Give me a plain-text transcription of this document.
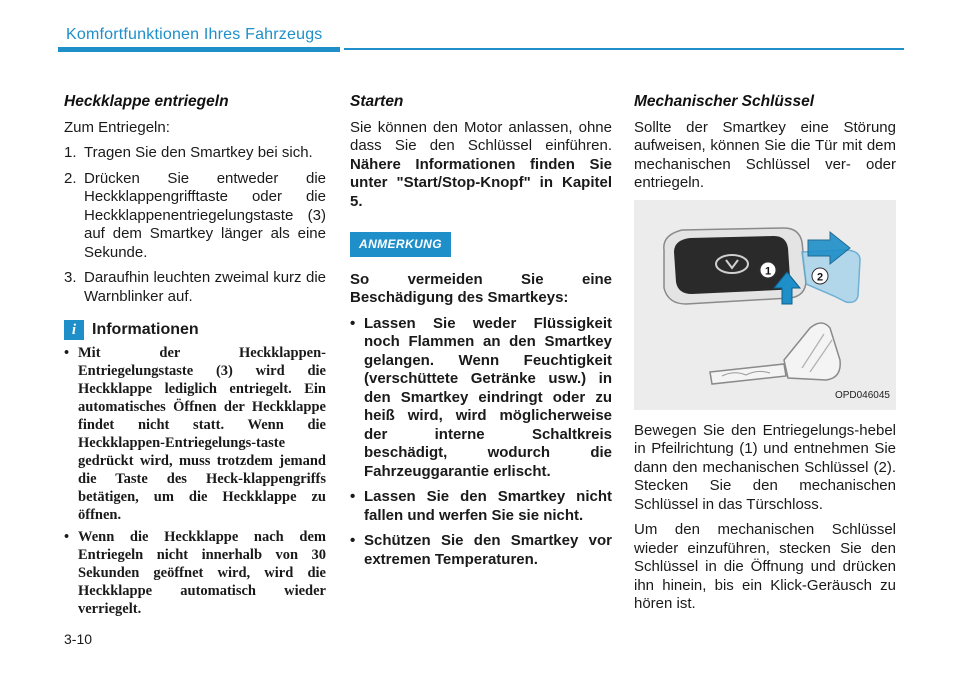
Komfortfunktionen Ihres Fahrzeugs
Heckklappe entriegeln

Zum Entriegeln:

1. Tragen Sie den Smartkey bei sich.
2. Drücken Sie entweder die Heckklappengrifftaste oder die Heckklappenentriegelungstaste (3) auf dem Smartkey länger als eine Sekunde.
3. Daraufhin leuchten zweimal kurz die Warnblinker auf.
i Informationen
• Mit der Heckklappen-Entriegelungstaste (3) wird die Heckklappe lediglich entriegelt. Ein automatisches Öffnen der Heckklappe findet nicht statt. Wenn die Heckklappen-Entriegelungs-taste gedrückt wird, muss trotzdem jemand die Taste des Heck-klappengriffs betätigen, um die Heckklappe zu öffnen.
• Wenn die Heckklappe nach dem Entriegeln nicht innerhalb von 30 Sekunden geöffnet wird, wird die Heckklappe automatisch wieder verriegelt.
Starten

Sie können den Motor anlassen, ohne dass Sie den Schlüssel einführen. Nähere Informationen finden Sie unter "Start/Stop-Knopf" in Kapitel 5.

ANMERKUNG

So vermeiden Sie eine Beschädigung des Smartkeys:

• Lassen Sie weder Flüssigkeit noch Flammen an den Smartkey gelangen. Wenn Feuchtigkeit (verschüttete Getränke usw.) in den Smartkey eindringt oder zu heiß wird, wird möglicherweise der interne Schaltkreis beschädigt, wodurch die Fahrzeuggarantie erlischt.
• Lassen Sie den Smartkey nicht fallen und werfen Sie sie nicht.
• Schützen Sie den Smartkey vor extremen Temperaturen.
Mechanischer Schlüssel

Sollte der Smartkey eine Störung aufweisen, können Sie die Tür mit dem mechanischen Schlüssel ver- oder entriegeln.

1	2
OPD046045

Bewegen Sie den Entriegelungs-hebel in Pfeilrichtung (1) und entnehmen Sie dann den mechanischen Schlüssel (2). Stecken Sie den mechanischen Schlüssel in das Türschloss.

Um den mechanischen Schlüssel wieder einzuführen, stecken Sie den Schlüssel in die Öffnung und drücken ihn hinein, bis ein Klick-Geräusch zu hören ist.

3-10
